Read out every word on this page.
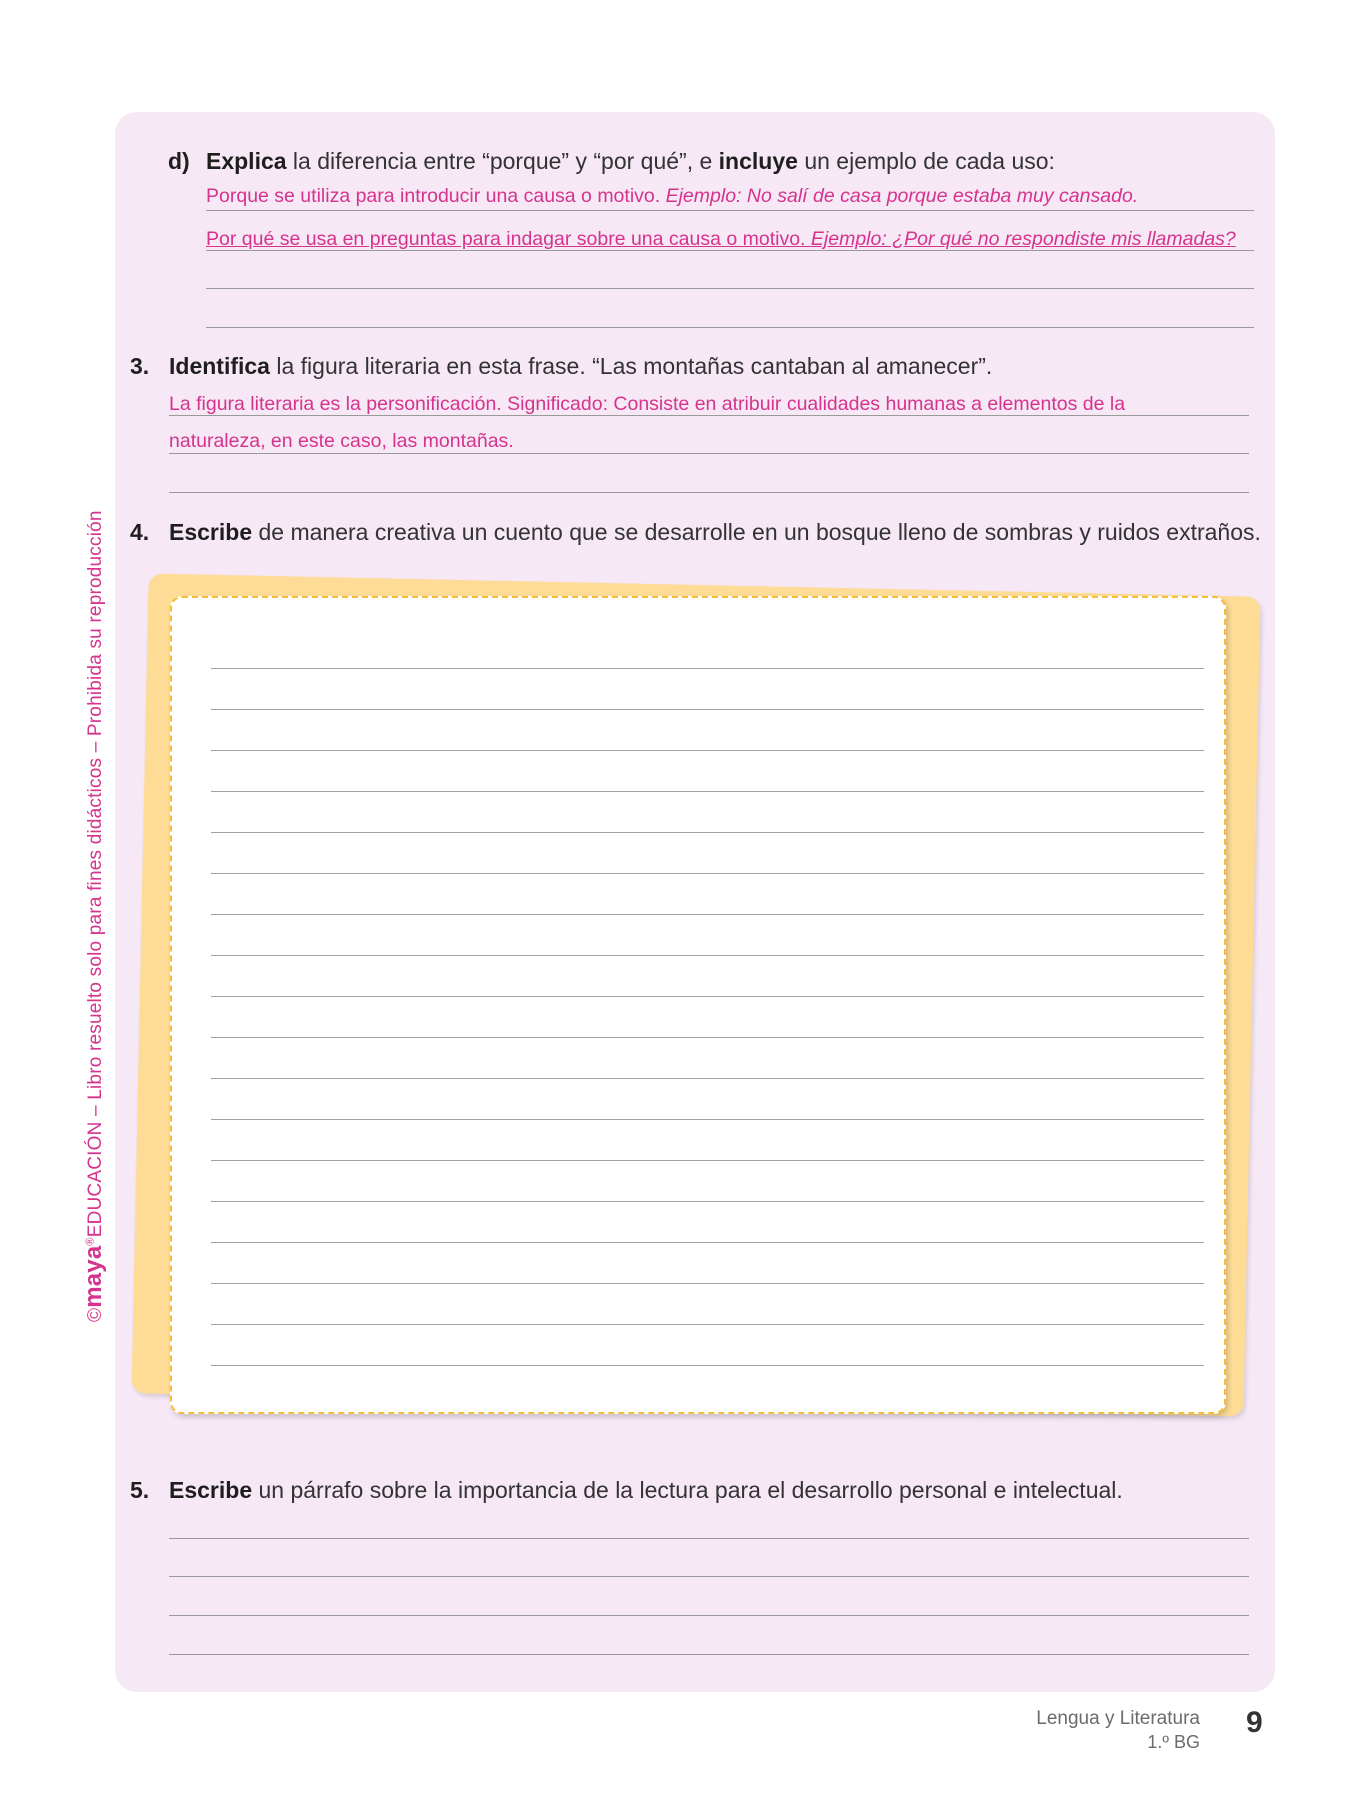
©maya®EDUCACIÓN – Libro resuelto solo para fines didácticos – Prohibida su reproducción
d) Explica la diferencia entre “porque” y “por qué”, e incluye un ejemplo de cada uso:
Porque se utiliza para introducir una causa o motivo. Ejemplo: No salí de casa porque estaba muy cansado.
Por qué se usa en preguntas para indagar sobre una causa o motivo. Ejemplo: ¿Por qué no respondiste mis llamadas?
3. Identifica la figura literaria en esta frase. “Las montañas cantaban al amanecer”.
La figura literaria es la personificación. Significado: Consiste en atribuir cualidades humanas a elementos de la
naturaleza, en este caso, las montañas.
4. Escribe de manera creativa un cuento que se desarrolle en un bosque lleno de sombras y ruidos extraños.
5. Escribe un párrafo sobre la importancia de la lectura para el desarrollo personal e intelectual.
Lengua y Literatura
1.º BG
9
